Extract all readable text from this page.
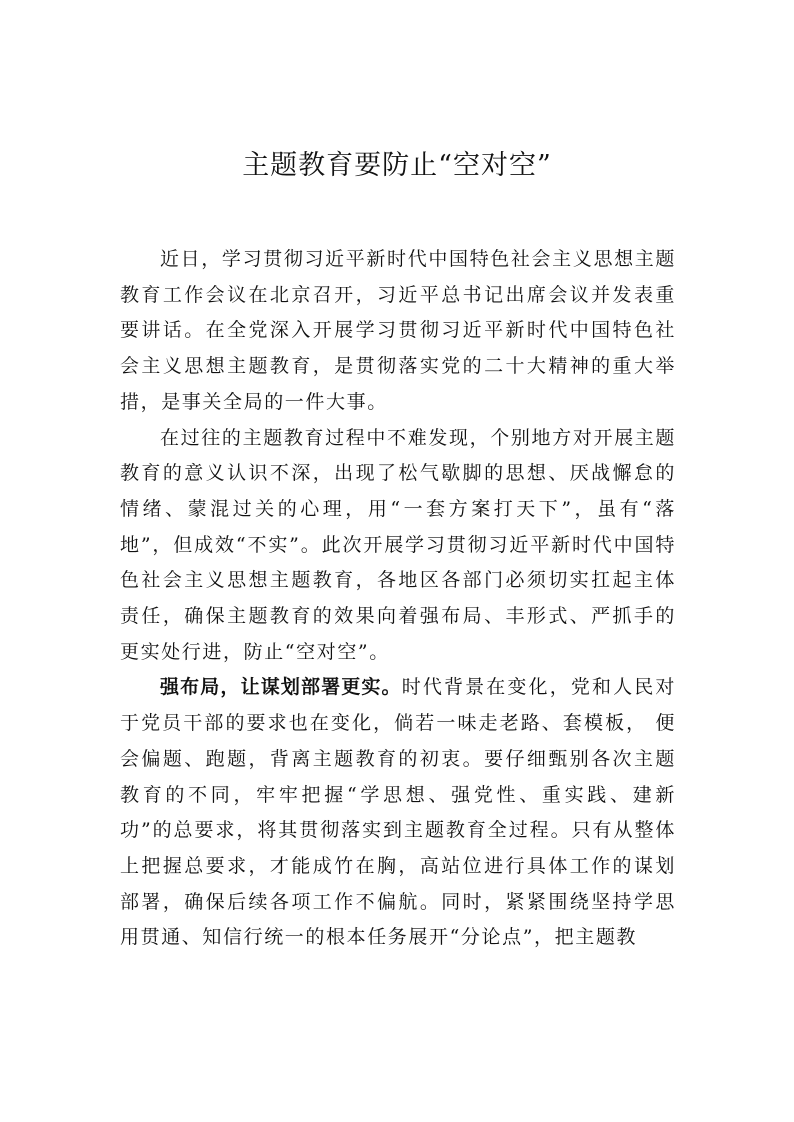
主题教育要防止“空对空”

近日，学习贯彻习近平新时代中国特色社会主义思想主题教育工作会议在北京召开，习近平总书记出席会议并发表重要讲话。在全党深入开展学习贯彻习近平新时代中国特色社会主义思想主题教育，是贯彻落实党的二十大精神的重大举措，是事关全局的一件大事。

在过往的主题教育过程中不难发现，个别地方对开展主题教育的意义认识不深，出现了松气歇脚的思想、厌战懈怠的情绪、蒙混过关的心理，用“一套方案打天下”，虽有“落地”，但成效“不实”。此次开展学习贯彻习近平新时代中国特色社会主义思想主题教育，各地区各部门必须切实扛起主体责任，确保主题教育的效果向着强布局、丰形式、严抓手的更实处行进，防止“空对空”。

强布局，让谋划部署更实。时代背景在变化，党和人民对于党员干部的要求也在变化，倘若一味走老路、套模板， 便会偏题、跑题，背离主题教育的初衷。要仔细甄别各次主题教育的不同，牢牢把握“学思想、强党性、重实践、建新功”的总要求，将其贯彻落实到主题教育全过程。只有从整体上把握总要求，才能成竹在胸，高站位进行具体工作的谋划部署，确保后续各项工作不偏航。同时，紧紧围绕坚持学思用贯通、知信行统一的根本任务展开“分论点”，把主题教
